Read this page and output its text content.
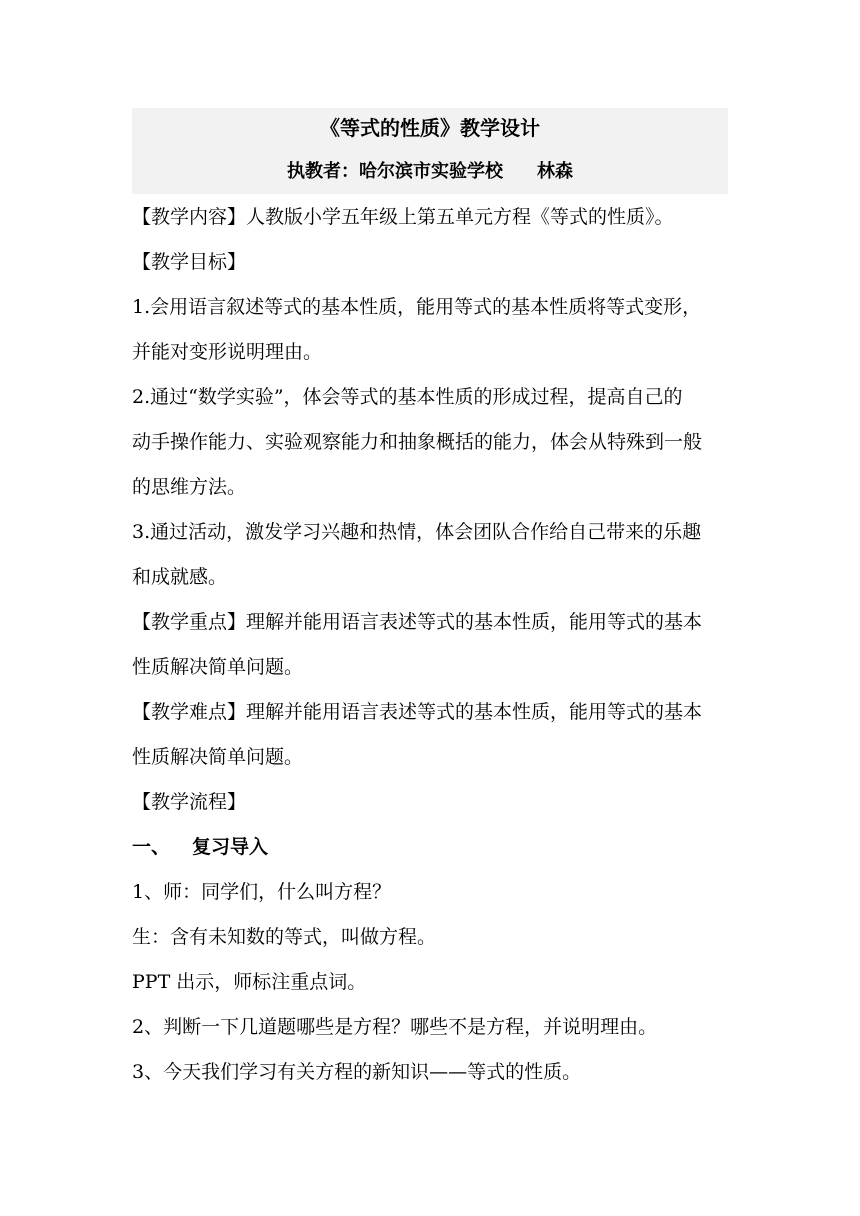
《等式的性质》教学设计
执教者：哈尔滨市实验学校 林森
【教学内容】人教版小学五年级上第五单元方程《等式的性质》。
【教学目标】
1.会用语言叙述等式的基本性质，能用等式的基本性质将等式变形，
并能对变形说明理由。
2.通过“数学实验”，体会等式的基本性质的形成过程，提高自己的
动手操作能力、实验观察能力和抽象概括的能力，体会从特殊到一般
的思维方法。
3.通过活动，激发学习兴趣和热情，体会团队合作给自己带来的乐趣
和成就感。
【教学重点】理解并能用语言表述等式的基本性质，能用等式的基本
性质解决简单问题。
【教学难点】理解并能用语言表述等式的基本性质，能用等式的基本
性质解决简单问题。
【教学流程】
一、 复习导入
1、师：同学们，什么叫方程？
生：含有未知数的等式，叫做方程。
PPT 出示，师标注重点词。
2、判断一下几道题哪些是方程？哪些不是方程，并说明理由。
3、今天我们学习有关方程的新知识——等式的性质。
